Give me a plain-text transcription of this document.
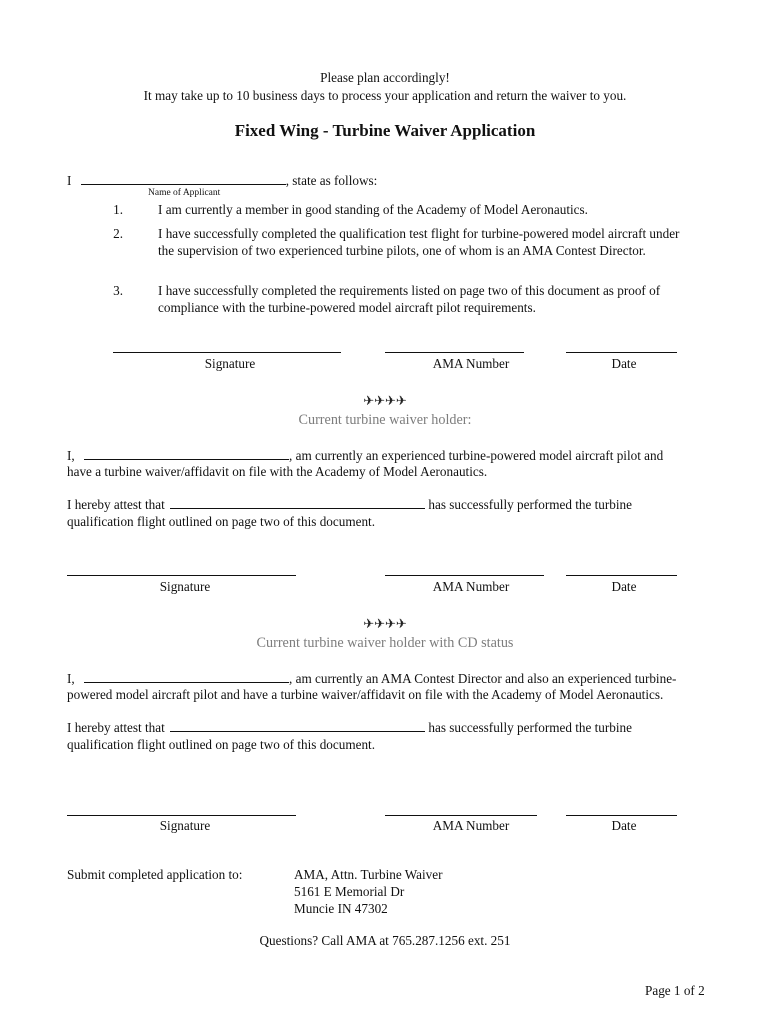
Please plan accordingly!
It may take up to 10 business days to process your application and return the waiver to you.
Fixed Wing - Turbine Waiver Application
I	, state as follows:
Name of Applicant
1.	I am currently a member in good standing of the Academy of Model Aeronautics.
2.	I have successfully completed the qualification test flight for turbine-powered model aircraft under the supervision of two experienced turbine pilots, one of whom is an AMA Contest Director.
3.	I have successfully completed the requirements listed on page two of this document as proof of compliance with the turbine-powered model aircraft pilot requirements.
Signature	AMA Number	Date
✈✈✈✈
Current turbine waiver holder:
I,	, am currently an experienced turbine-powered model aircraft pilot and
have a turbine waiver/affidavit on file with the Academy of Model Aeronautics.
I hereby attest that	has successfully performed the turbine
qualification flight outlined on page two of this document.
Signature	AMA Number	Date
✈✈✈✈
Current turbine waiver holder with CD status
I,	, am currently an AMA Contest Director and also an experienced turbine-
powered model aircraft pilot and have a turbine waiver/affidavit on file with the Academy of Model Aeronautics.
I hereby attest that	has successfully performed the turbine
qualification flight outlined on page two of this document.
Signature	AMA Number	Date
Submit completed application to:	AMA, Attn. Turbine Waiver
5161 E Memorial Dr
Muncie IN 47302
Questions? Call AMA at 765.287.1256 ext. 251
Page 1 of 2
